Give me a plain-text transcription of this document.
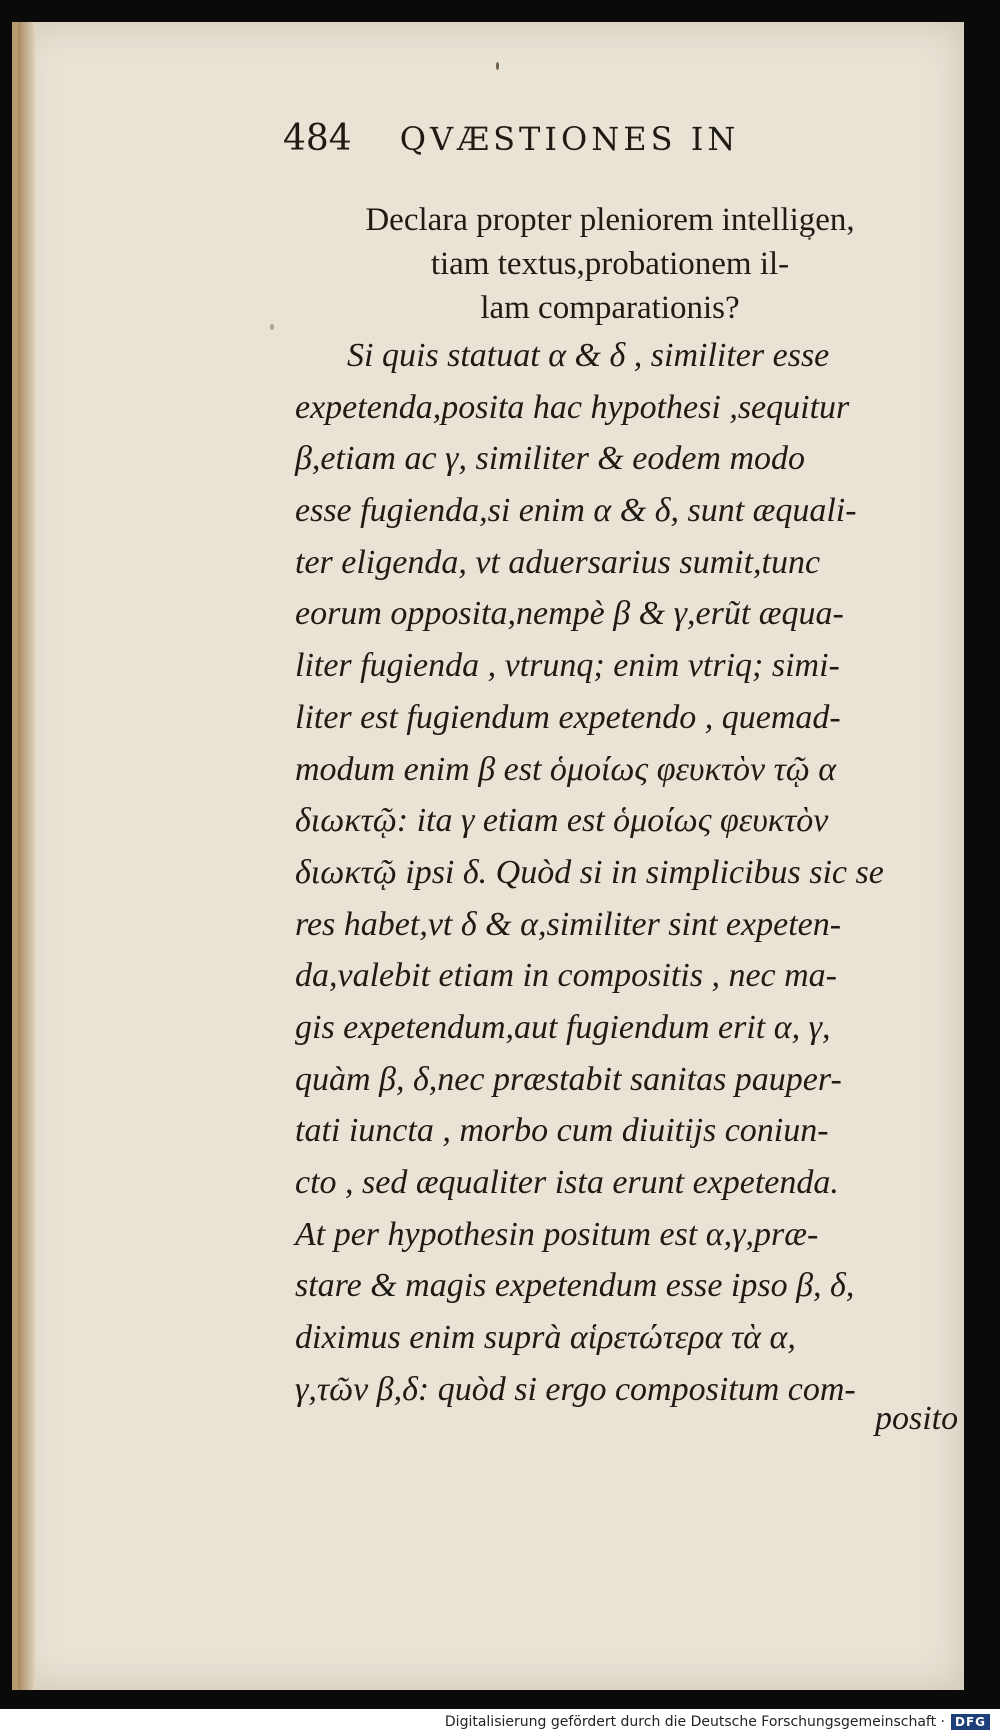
484 QVÆSTIONES IN
Declara propter pleniorem intelligen,
tiam textus,probationem il-
lam comparationis?
Si quis statuat α & δ , similiter esse
expetenda,posita hac hypothesi ,sequitur
β,etiam ac γ, similiter & eodem modo
esse fugienda,si enim α & δ, sunt æquali-
ter eligenda, vt aduersarius sumit,tunc
eorum opposita,nempè β & γ,erũt æqua-
liter fugienda , vtrunq; enim vtriq; simi-
liter est fugiendum expetendo , quemad-
modum enim β est ὁμοίως φευκτὸν τῷ α
διωκτῷ: ita γ etiam est ὁμοίως φευκτὸν
διωκτῷ ipsi δ. Quòd si in simplicibus sic se
res habet,vt δ & α,similiter sint expeten-
da,valebit etiam in compositis , nec ma-
gis expetendum,aut fugiendum erit α, γ,
quàm β, δ,nec præstabit sanitas pauper-
tati iuncta , morbo cum diuitijs coniun-
cto , sed æqualiter ista erunt expetenda.
At per hypothesin positum est α,γ,præ-
stare & magis expetendum esse ipso β, δ,
diximus enim suprà αἱρετώτερα τὰ α,
γ,τῶν β,δ: quòd si ergo compositum com-
posito
Digitalisierung gefördert durch die Deutsche Forschungsgemeinschaft · DFG
